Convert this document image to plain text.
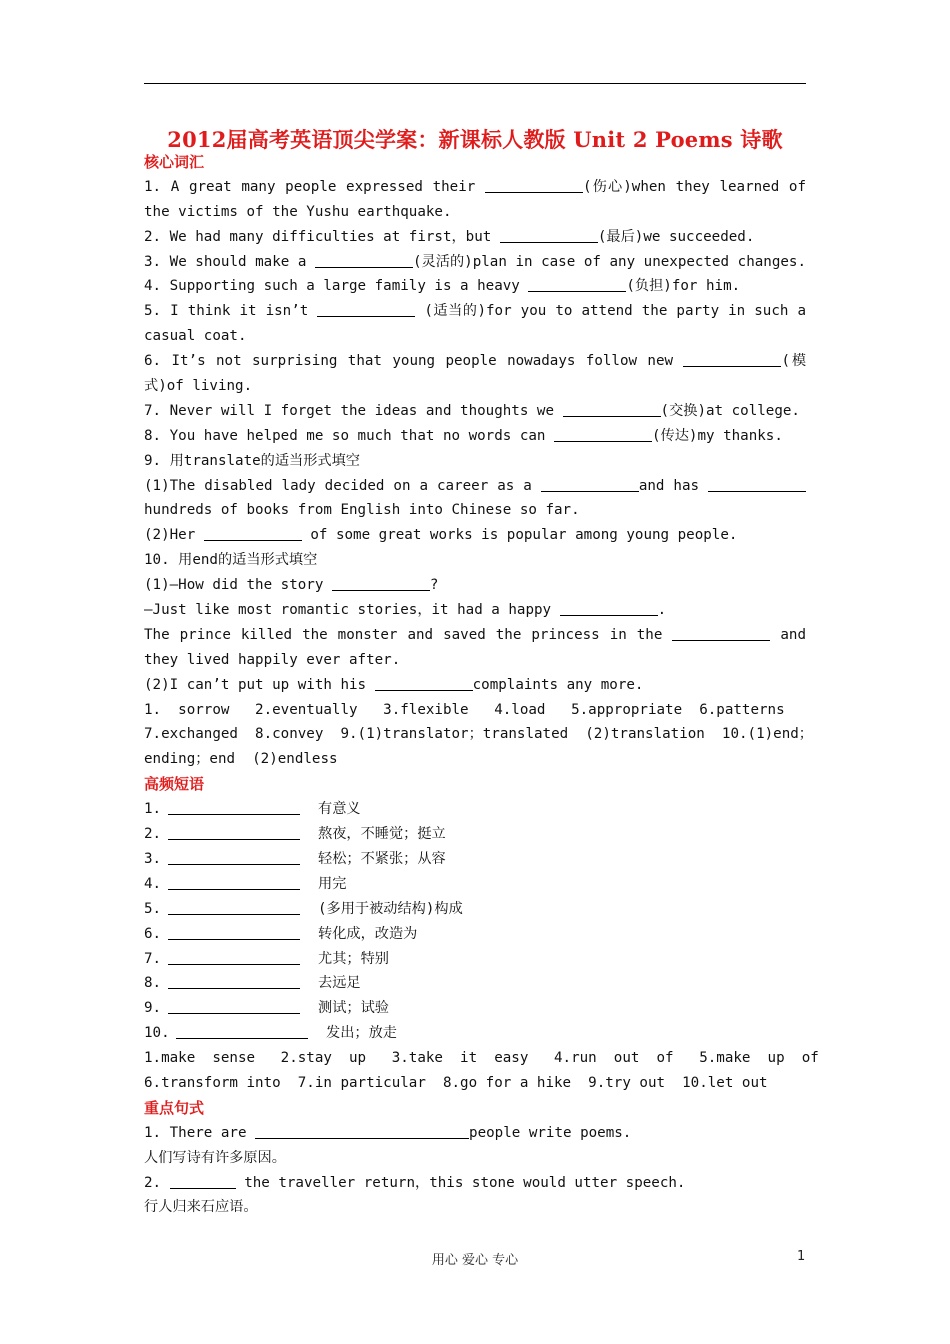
2012届高考英语顶尖学案：新课标人教版 Unit 2 Poems 诗歌
核心词汇
1. A great many people expressed their	(伤心)when they learned of
the victims of the Yushu earthquake.
2. We had many difficulties at first，but	(最后)we succeeded.
3. We should make a	(灵活的)plan in case of any unexpected changes.
4. Supporting such a large family is a heavy	(负担)for him.
5. I think it isn’t	(适当的)for you to attend the party in such a
casual coat.
6. It’s not surprising that young people nowadays follow new	(模
式)of living.
7. Never will I forget the ideas and thoughts we	(交换)at college.
8. You have helped me so much that no words can	(传达)my thanks.
9. 用translate的适当形式填空
(1)The disabled lady decided on a career as a	and has
hundreds of books from English into Chinese so far.
(2)Her	of some great works is popular among young people.
10. 用end的适当形式填空
(1)—How did the story	?
—Just like most romantic stories，it had a happy	.
The prince killed the monster and saved the princess in the	and
they lived happily ever after.
(2)I can’t put up with his	complaints any more.
1.  sorrow   2.eventually   3.flexible   4.load   5.appropriate  6.patterns
7.exchanged  8.convey  9.(1)translator；translated  (2)translation  10.(1)end；
ending；end  (2)endless
高频短语
1.	有意义
2.	熬夜，不睡觉；挺立
3.	轻松；不紧张；从容
4.	用完
5.	(多用于被动结构)构成
6.	转化成，改造为
7.	尤其；特别
8.	去远足
9.	测试；试验
10.	发出；放走
1.make  sense   2.stay  up   3.take  it  easy   4.run  out  of   5.make  up  of
6.transform into  7.in particular  8.go for a hike  9.try out  10.let out
重点句式
1. There are	people write poems.
人们写诗有许多原因。
2.	the traveller return，this stone would utter speech.
行人归来石应语。
用心 爱心 专心	1
